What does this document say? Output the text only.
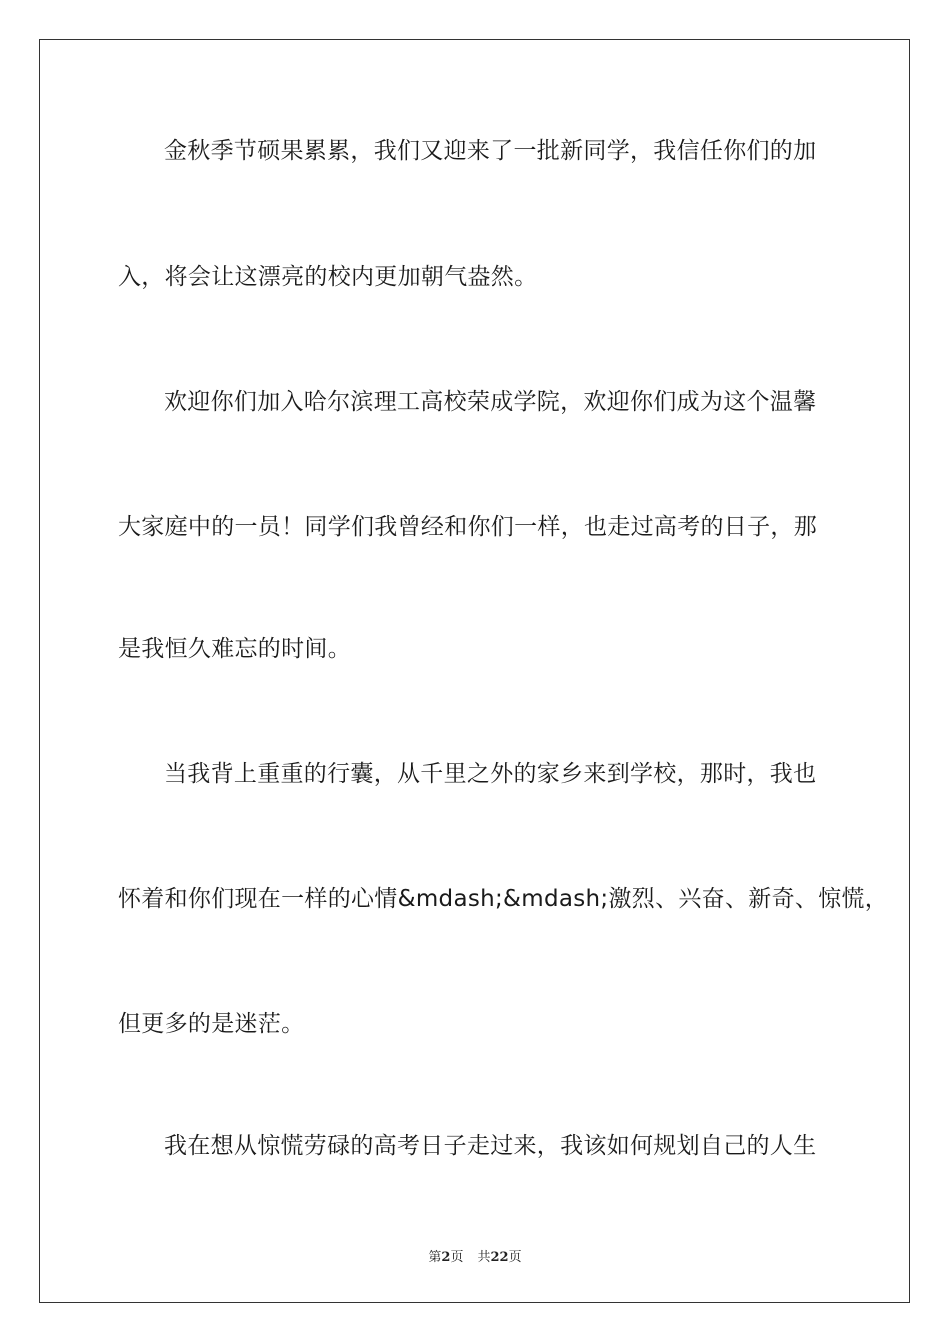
金秋季节硕果累累，我们又迎来了一批新同学，我信任你们的加
入，将会让这漂亮的校内更加朝气盎然。
欢迎你们加入哈尔滨理工高校荣成学院，欢迎你们成为这个温馨
大家庭中的一员！同学们我曾经和你们一样，也走过高考的日子，那
是我恒久难忘的时间。
当我背上重重的行囊，从千里之外的家乡来到学校，那时，我也
怀着和你们现在一样的心情&mdash;&mdash;激烈、兴奋、新奇、惊慌，
但更多的是迷茫。
我在想从惊慌劳碌的高考日子走过来，我该如何规划自己的人生
第2页 共22页
